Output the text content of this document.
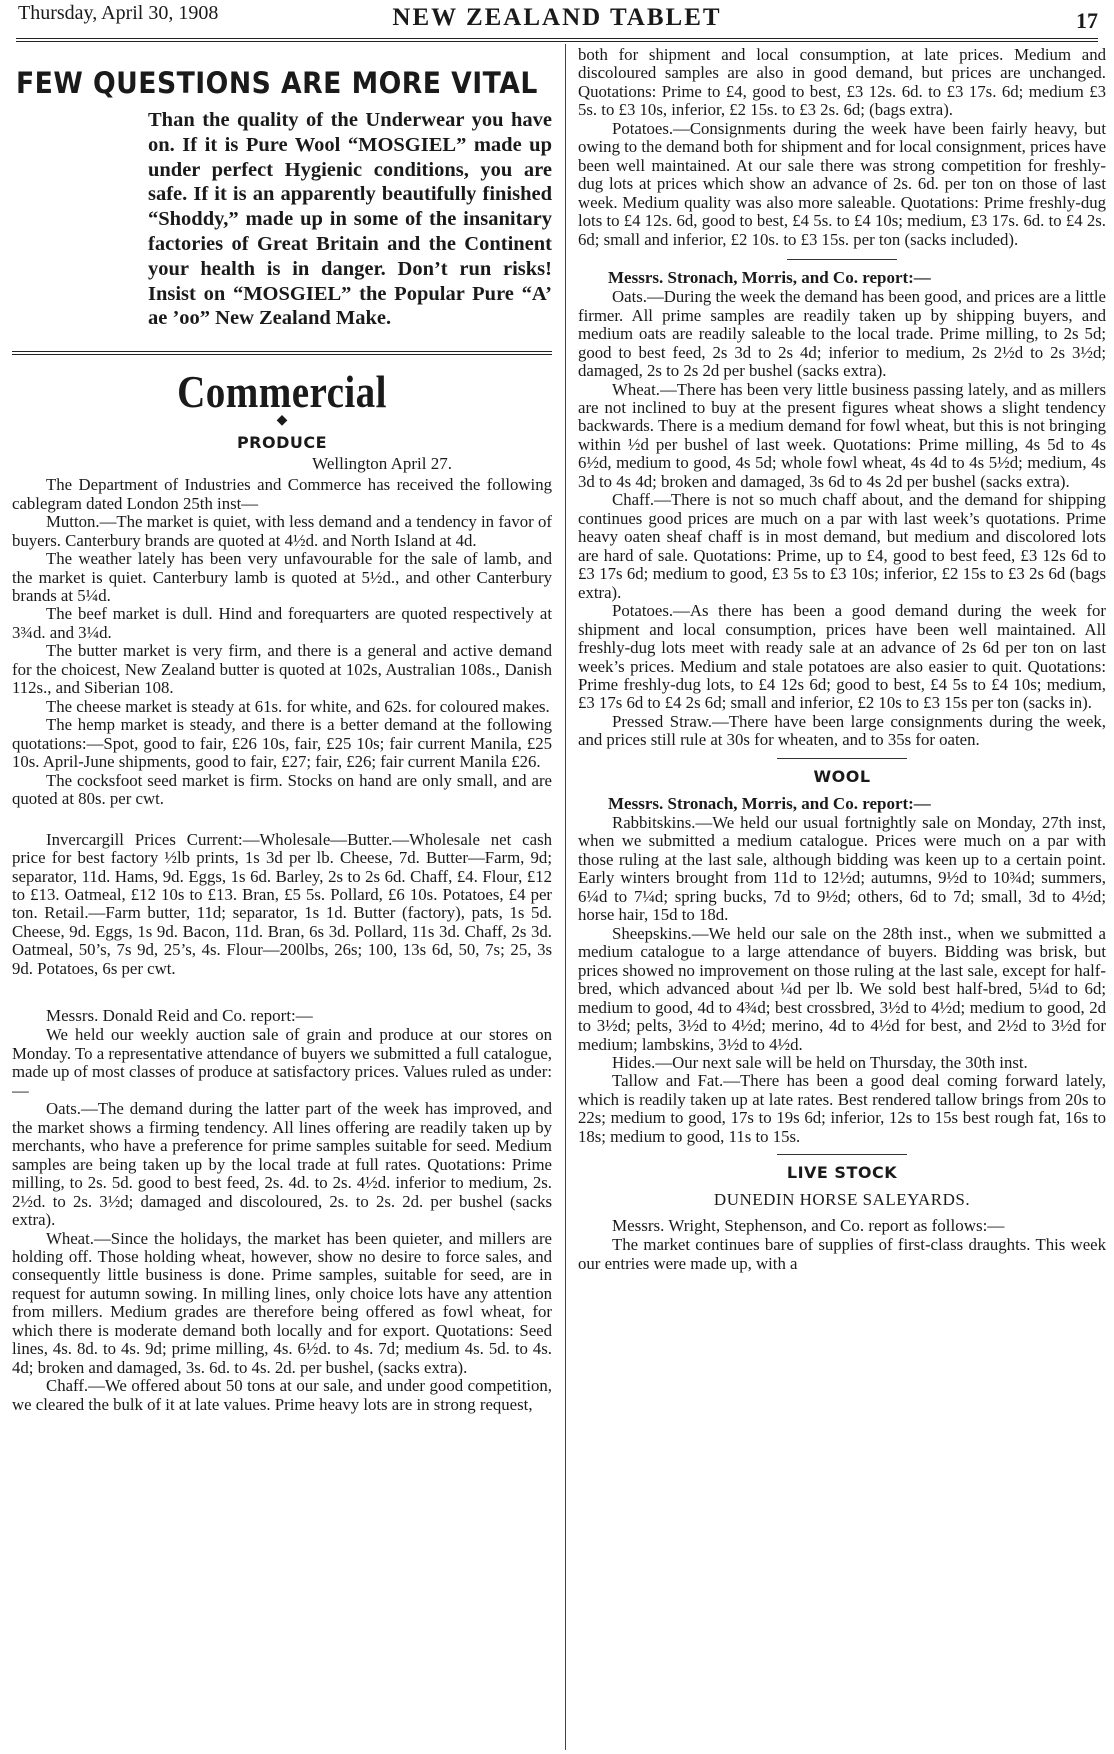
Thursday, April 30, 1908	NEW ZEALAND TABLET	17
FEW QUESTIONS ARE MORE VITAL

Than the quality of the Underwear you have on. If it is Pure Wool “MOSGIEL” made up under perfect Hygienic conditions, you are safe. If it is an apparently beautifully finished “Shoddy,” made up in some of the insanitary factories of Great Britain and the Continent your health is in danger. Don’t run risks! Insist on “MOSGIEL” the Popular Pure “A’ ae ’oo” New Zealand Make.

Commercial
◆
PRODUCE
Wellington April 27.

The Department of Industries and Commerce has received the following cablegram dated London 25th inst—

Mutton.—The market is quiet, with less demand and a tendency in favor of buyers. Canterbury brands are quoted at 4½d. and North Island at 4d.

The weather lately has been very unfavourable for the sale of lamb, and the market is quiet. Canterbury lamb is quoted at 5½d., and other Canterbury brands at 5¼d.

The beef market is dull. Hind and forequarters are quoted respectively at 3¾d. and 3¼d.

The butter market is very firm, and there is a general and active demand for the choicest, New Zealand butter is quoted at 102s, Australian 108s., Danish 112s., and Siberian 108.

The cheese market is steady at 61s. for white, and 62s. for coloured makes.

The hemp market is steady, and there is a better demand at the following quotations:—Spot, good to fair, £26 10s, fair, £25 10s; fair current Manila, £25 10s. April-June shipments, good to fair, £27; fair, £26; fair current Manila £26.

The cocksfoot seed market is firm. Stocks on hand are only small, and are quoted at 80s. per cwt.

Invercargill Prices Current:—Wholesale—Butter.—Wholesale net cash price for best factory ½lb prints, 1s 3d per lb. Cheese, 7d. Butter—Farm, 9d; separator, 11d. Hams, 9d. Eggs, 1s 6d. Barley, 2s to 2s 6d. Chaff, £4. Flour, £12 to £13. Oatmeal, £12 10s to £13. Bran, £5 5s. Pollard, £6 10s. Potatoes, £4 per ton. Retail.—Farm butter, 11d; separator, 1s 1d. Butter (factory), pats, 1s 5d. Cheese, 9d. Eggs, 1s 9d. Bacon, 11d. Bran, 6s 3d. Pollard, 11s 3d. Chaff, 2s 3d. Oatmeal, 50’s, 7s 9d, 25’s, 4s. Flour—200lbs, 26s; 100, 13s 6d, 50, 7s; 25, 3s 9d. Potatoes, 6s per cwt.

Messrs. Donald Reid and Co. report:—

We held our weekly auction sale of grain and produce at our stores on Monday. To a representative attendance of buyers we submitted a full catalogue, made up of most classes of produce at satisfactory prices. Values ruled as under:—

Oats.—The demand during the latter part of the week has improved, and the market shows a firming tendency. All lines offering are readily taken up by merchants, who have a preference for prime samples suitable for seed. Medium samples are being taken up by the local trade at full rates. Quotations: Prime milling, to 2s. 5d. good to best feed, 2s. 4d. to 2s. 4½d. inferior to medium, 2s. 2½d. to 2s. 3½d; damaged and discoloured, 2s. to 2s. 2d. per bushel (sacks extra).

Wheat.—Since the holidays, the market has been quieter, and millers are holding off. Those holding wheat, however, show no desire to force sales, and consequently little business is done. Prime samples, suitable for seed, are in request for autumn sowing. In milling lines, only choice lots have any attention from millers. Medium grades are therefore being offered as fowl wheat, for which there is moderate demand both locally and for export. Quotations: Seed lines, 4s. 8d. to 4s. 9d; prime milling, 4s. 6½d. to 4s. 7d; medium 4s. 5d. to 4s. 4d; broken and damaged, 3s. 6d. to 4s. 2d. per bushel, (sacks extra).

Chaff.—We offered about 50 tons at our sale, and under good competition, we cleared the bulk of it at late values. Prime heavy lots are in strong request,

both for shipment and local consumption, at late prices. Medium and discoloured samples are also in good demand, but prices are unchanged. Quotations: Prime to £4, good to best, £3 12s. 6d. to £3 17s. 6d; medium £3 5s. to £3 10s, inferior, £2 15s. to £3 2s. 6d; (bags extra).

Potatoes.—Consignments during the week have been fairly heavy, but owing to the demand both for shipment and for local consignment, prices have been well maintained. At our sale there was strong competition for freshly-dug lots at prices which show an advance of 2s. 6d. per ton on those of last week. Medium quality was also more saleable. Quotations: Prime freshly-dug lots to £4 12s. 6d, good to best, £4 5s. to £4 10s; medium, £3 17s. 6d. to £4 2s. 6d; small and inferior, £2 10s. to £3 15s. per ton (sacks included).

Messrs. Stronach, Morris, and Co. report:—

Oats.—During the week the demand has been good, and prices are a little firmer. All prime samples are readily taken up by shipping buyers, and medium oats are readily saleable to the local trade. Prime milling, to 2s 5d; good to best feed, 2s 3d to 2s 4d; inferior to medium, 2s 2½d to 2s 3½d; damaged, 2s to 2s 2d per bushel (sacks extra).

Wheat.—There has been very little business passing lately, and as millers are not inclined to buy at the present figures wheat shows a slight tendency backwards. There is a medium demand for fowl wheat, but this is not bringing within ½d per bushel of last week. Quotations: Prime milling, 4s 5d to 4s 6½d, medium to good, 4s 5d; whole fowl wheat, 4s 4d to 4s 5½d; medium, 4s 3d to 4s 4d; broken and damaged, 3s 6d to 4s 2d per bushel (sacks extra).

Chaff.—There is not so much chaff about, and the demand for shipping continues good prices are much on a par with last week’s quotations. Prime heavy oaten sheaf chaff is in most demand, but medium and discolored lots are hard of sale. Quotations: Prime, up to £4, good to best feed, £3 12s 6d to £3 17s 6d; medium to good, £3 5s to £3 10s; inferior, £2 15s to £3 2s 6d (bags extra).

Potatoes.—As there has been a good demand during the week for shipment and local consumption, prices have been well maintained. All freshly-dug lots meet with ready sale at an advance of 2s 6d per ton on last week’s prices. Medium and stale potatoes are also easier to quit. Quotations: Prime freshly-dug lots, to £4 12s 6d; good to best, £4 5s to £4 10s; medium, £3 17s 6d to £4 2s 6d; small and inferior, £2 10s to £3 15s per ton (sacks in).

Pressed Straw.—There have been large consignments during the week, and prices still rule at 30s for wheaten, and to 35s for oaten.

WOOL

Messrs. Stronach, Morris, and Co. report:—

Rabbitskins.—We held our usual fortnightly sale on Monday, 27th inst, when we submitted a medium catalogue. Prices were much on a par with those ruling at the last sale, although bidding was keen up to a certain point. Early winters brought from 11d to 12½d; autumns, 9½d to 10¾d; summers, 6¼d to 7¼d; spring bucks, 7d to 9½d; others, 6d to 7d; small, 3d to 4½d; horse hair, 15d to 18d.

Sheepskins.—We held our sale on the 28th inst., when we submitted a medium catalogue to a large attendance of buyers. Bidding was brisk, but prices showed no improvement on those ruling at the last sale, except for half-bred, which advanced about ¼d per lb. We sold best half-bred, 5¼d to 6d; medium to good, 4d to 4¾d; best crossbred, 3½d to 4½d; medium to good, 2d to 3½d; pelts, 3½d to 4½d; merino, 4d to 4½d for best, and 2½d to 3½d for medium; lambskins, 3½d to 4½d.

Hides.—Our next sale will be held on Thursday, the 30th inst.

Tallow and Fat.—There has been a good deal coming forward lately, which is readily taken up at late rates. Best rendered tallow brings from 20s to 22s; medium to good, 17s to 19s 6d; inferior, 12s to 15s best rough fat, 16s to 18s; medium to good, 11s to 15s.

LIVE STOCK
DUNEDIN HORSE SALEYARDS.

Messrs. Wright, Stephenson, and Co. report as follows:—

The market continues bare of supplies of first-class draughts. This week our entries were made up, with a
